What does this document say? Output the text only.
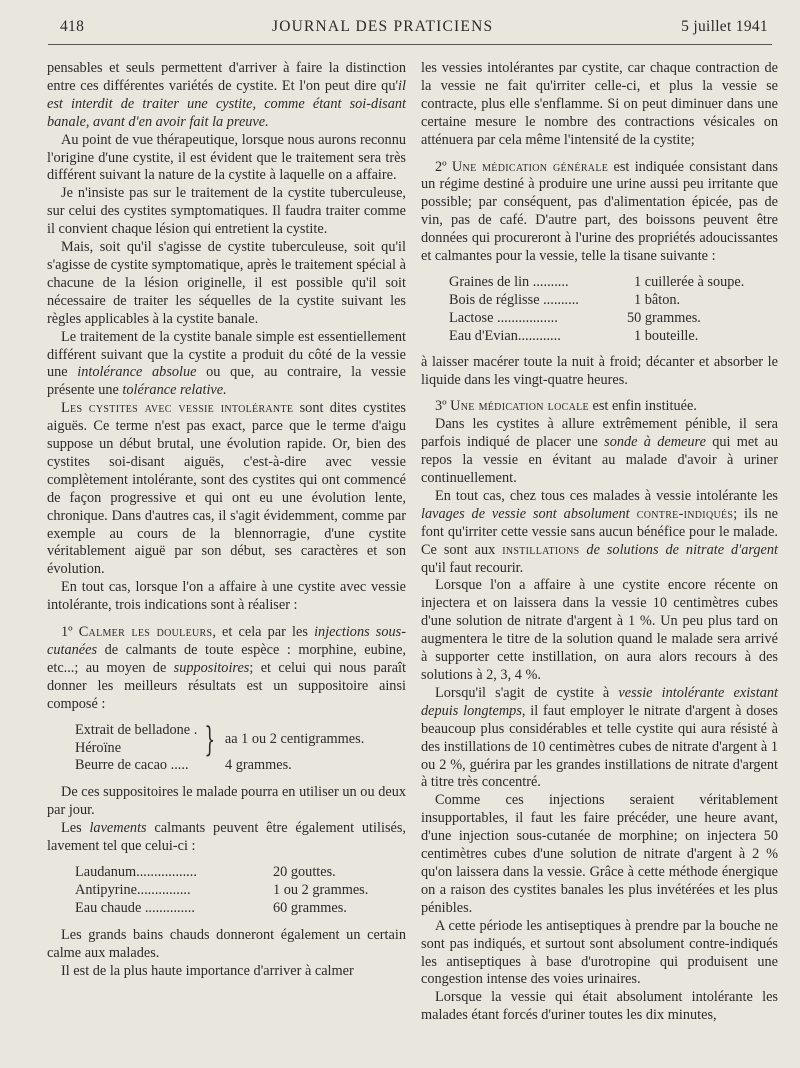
418	JOURNAL DES PRATICIENS	5 juillet 1941

pensables et seuls permettent d'arriver à faire la distinction entre ces différentes variétés de cystite. Et l'on peut dire qu'il est interdit de traiter une cystite, comme étant soi-disant banale, avant d'en avoir fait la preuve.

Au point de vue thérapeutique, lorsque nous aurons reconnu l'origine d'une cystite, il est évident que le traitement sera très différent suivant la nature de la cystite à laquelle on a affaire.

Je n'insiste pas sur le traitement de la cystite tuberculeuse, sur celui des cystites symptomatiques. Il faudra traiter comme il convient chaque lésion qui entretient la cystite.

Mais, soit qu'il s'agisse de cystite tuberculeuse, soit qu'il s'agisse de cystite symptomatique, après le traitement spécial à chacune de la lésion originelle, il est possible qu'il soit nécessaire de traiter les séquelles de la cystite suivant les règles applicables à la cystite banale.

Le traitement de la cystite banale simple est essentiellement différent suivant que la cystite a produit du côté de la vessie une intolérance absolue ou que, au contraire, la vessie présente une tolérance relative.

Les cystites avec vessie intolérante sont dites cystites aiguës. Ce terme n'est pas exact, parce que le terme d'aigu suppose un début brutal, une évolution rapide. Or, bien des cystites soi-disant aiguës, c'est-à-dire avec vessie complètement intolérante, sont des cystites qui ont commencé de façon progressive et qui ont eu une évolution lente, chronique. Dans d'autres cas, il s'agit évidemment, comme par exemple au cours de la blennorragie, d'une cystite véritablement aiguë par son début, ses caractères et son évolution.

En tout cas, lorsque l'on a affaire à une cystite avec vessie intolérante, trois indications sont à réaliser :

1º Calmer les douleurs, et cela par les injections sous-cutanées de calmants de toute espèce : morphine, eubine, etc...; au moyen de suppositoires; et celui qui nous paraît donner les meilleurs résultats est un suppositoire ainsi composé :

Extrait de belladone .
Héroïne	} aa 1 ou 2 centigrammes.
Beurre de cacao .....	4 grammes.

De ces suppositoires le malade pourra en utiliser un ou deux par jour.

Les lavements calmants peuvent être également utilisés, lavement tel que celui-ci :

Laudanum.................	20 gouttes.
Antipyrine...............	1 ou 2 grammes.
Eau chaude ..............	60 grammes.

Les grands bains chauds donneront également un certain calme aux malades.

Il est de la plus haute importance d'arriver à calmer

les vessies intolérantes par cystite, car chaque contraction de la vessie ne fait qu'irriter celle-ci, et plus la vessie se contracte, plus elle s'enflamme. Si on peut diminuer dans une certaine mesure le nombre des contractions vésicales on atténuera par cela même l'intensité de la cystite;

2º Une médication générale est indiquée consistant dans un régime destiné à produire une urine aussi peu irritante que possible; par conséquent, pas d'alimentation épicée, pas de vin, pas de café. D'autre part, des boissons peuvent être données qui procureront à l'urine des propriétés adoucissantes et calmantes pour la vessie, telle la tisane suivante :

Graines de lin ..........	1 cuillerée à soupe.
Bois de réglisse ..........	1 bâton.
Lactose .................	50 grammes.
Eau d'Evian............	1 bouteille.

à laisser macérer toute la nuit à froid; décanter et absorber le liquide dans les vingt-quatre heures.

3º Une médication locale est enfin instituée.

Dans les cystites à allure extrêmement pénible, il sera parfois indiqué de placer une sonde à demeure qui met au repos la vessie en évitant au malade d'avoir à uriner continuellement.

En tout cas, chez tous ces malades à vessie intolérante les lavages de vessie sont absolument contre-indiqués; ils ne font qu'irriter cette vessie sans aucun bénéfice pour le malade. Ce sont aux instillations de solutions de nitrate d'argent qu'il faut recourir.

Lorsque l'on a affaire à une cystite encore récente on injectera et on laissera dans la vessie 10 centimètres cubes d'une solution de nitrate d'argent à 1 %. Un peu plus tard on augmentera le titre de la solution quand le malade sera arrivé à supporter cette instillation, on aura alors recours à des solutions à 2, 3, 4 %.

Lorsqu'il s'agit de cystite à vessie intolérante existant depuis longtemps, il faut employer le nitrate d'argent à doses beaucoup plus considérables et telle cystite qui aura résisté à des instillations de 10 centimètres cubes de nitrate d'argent à 1 ou 2 %, guérira par les grandes instillations de nitrate d'argent à titre très concentré.

Comme ces injections seraient véritablement insupportables, il faut les faire précéder, une heure avant, d'une injection sous-cutanée de morphine; on injectera 50 centimètres cubes d'une solution de nitrate d'argent à 2 % qu'on laissera dans la vessie. Grâce à cette méthode énergique on a raison des cystites banales les plus invétérées et les plus pénibles.

A cette période les antiseptiques à prendre par la bouche ne sont pas indiqués, et surtout sont absolument contre-indiqués les antiseptiques à base d'urotropine qui produisent une congestion intense des voies urinaires.

Lorsque la vessie qui était absolument intolérante les malades étant forcés d'uriner toutes les dix minutes,
